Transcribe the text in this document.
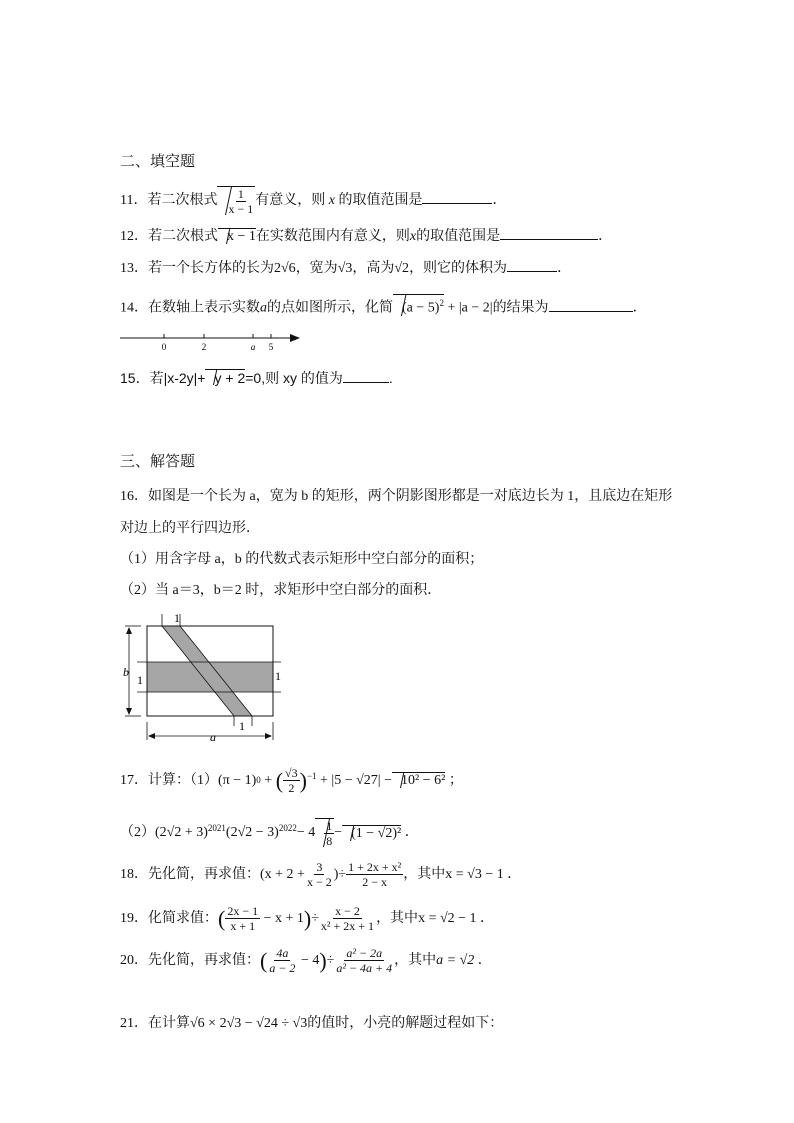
二、填空题
11．若二次根式 $\frac{1}{x - 1}$ 有意义，则 x 的取值范围是	．
12．若二次根式 x − 1在实数范围内有意义，则x的取值范围是	．
13．若一个长方体的长为2√6，宽为√3，高为√2，则它的体积为	．
14．在数轴上表示实数a的点如图所示，化简 $(a - 5)^2 + |a - 2|$的结果为	．
0	2	a 5
15．若|x-2y|+ y + 2=0,则 xy 的值为	.
三、解答题
16．如图是一个长为 a，宽为 b 的矩形，两个阴影图形都是一对底边长为 1，且底边在矩形
对边上的平行四边形．
（1）用含字母 a，b 的代数式表示矩形中空白部分的面积；
（2）当 a＝3，b＝2 时，求矩形中空白部分的面积．
1
b
1	1
1
a
17． 计算：（1） (π − 1) 0
+
( $\frac{√3}{2} )^{-1}$
+ |5 − √27| − 10² − 6²
；
（2） $(2√2 + 3)^{2021}$ $(2√2 - 3)^{2022} - 4 \frac{1}{8} - (1 - √2)^2$
．
18． 先化简，再求值： ($x + 2 + \frac{3}{x - 2}$ )÷ $\frac{\text{1 + 2x + x²}}{2 - x}$ ，其中 x = √3 − 1
．
19． 化简求值： ( $\frac{2x - 1}{x + 1}$
− x + 1 ) ÷ $\frac{x - 2}{\text{x² + 2x + 1}}$ ，其中 x = √2 − 1
．
20． 先化简，再求值： ( $\frac{4a}{a - 2}$
− 4 ) ÷ $\frac{\text{a² − 2a}}{\text{a² − 4a + 4}}$ ，其中 a = √2
．
21．在计算√6 × 2√3 − √24 ÷ √3的值时，小亮的解题过程如下：
